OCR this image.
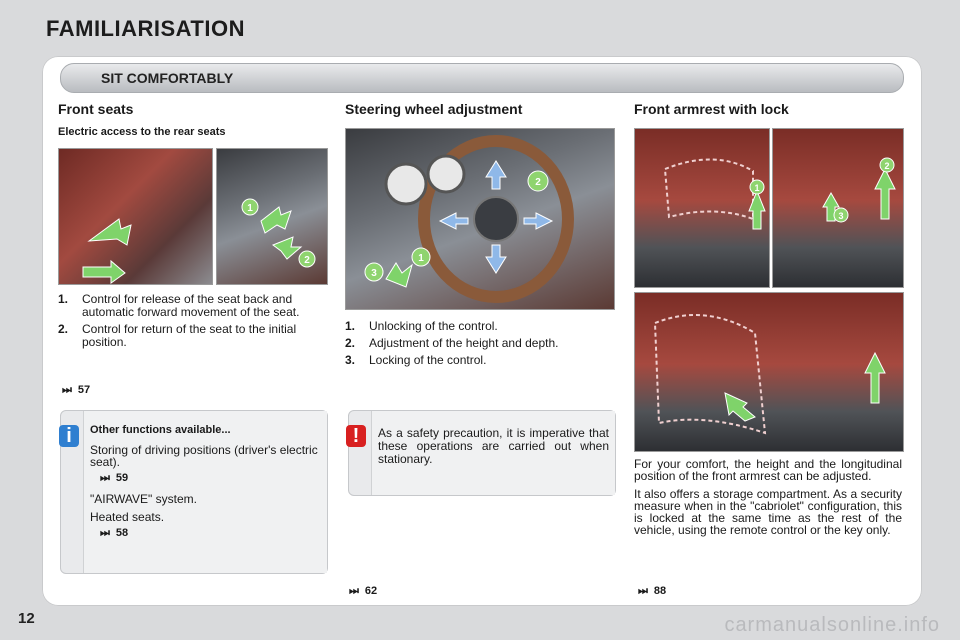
FAMILIARISATION
SIT COMFORTABLY
Front seats
Electric access to the rear seats
1
2
1. Control for release of the seat back and automatic forward movement of the seat.
2. Control for return of the seat to the initial position.
⏭ 57
Other functions available...

Storing of driving positions (driver's electric seat).

⏭ 59

"AIRWAVE" system.

Heated seats.

⏭ 58
i
Steering wheel adjustment
2
1
3
1. Unlocking of the control.
2. Adjustment of the height and depth.
3. Locking of the control.

As a safety precaution, it is imperative that these operations are carried out when stationary.

!
⏭ 62
Front armrest with lock
1
2
3

For your comfort, the height and the longitudinal position of the front armrest can be adjusted.

It also offers a storage compartment. As a security measure when in the "cabriolet" configuration, this is locked at the same time as the rest of the vehicle, using the remote control or the key only.

⏭ 88
12	carmanualsonline.info
